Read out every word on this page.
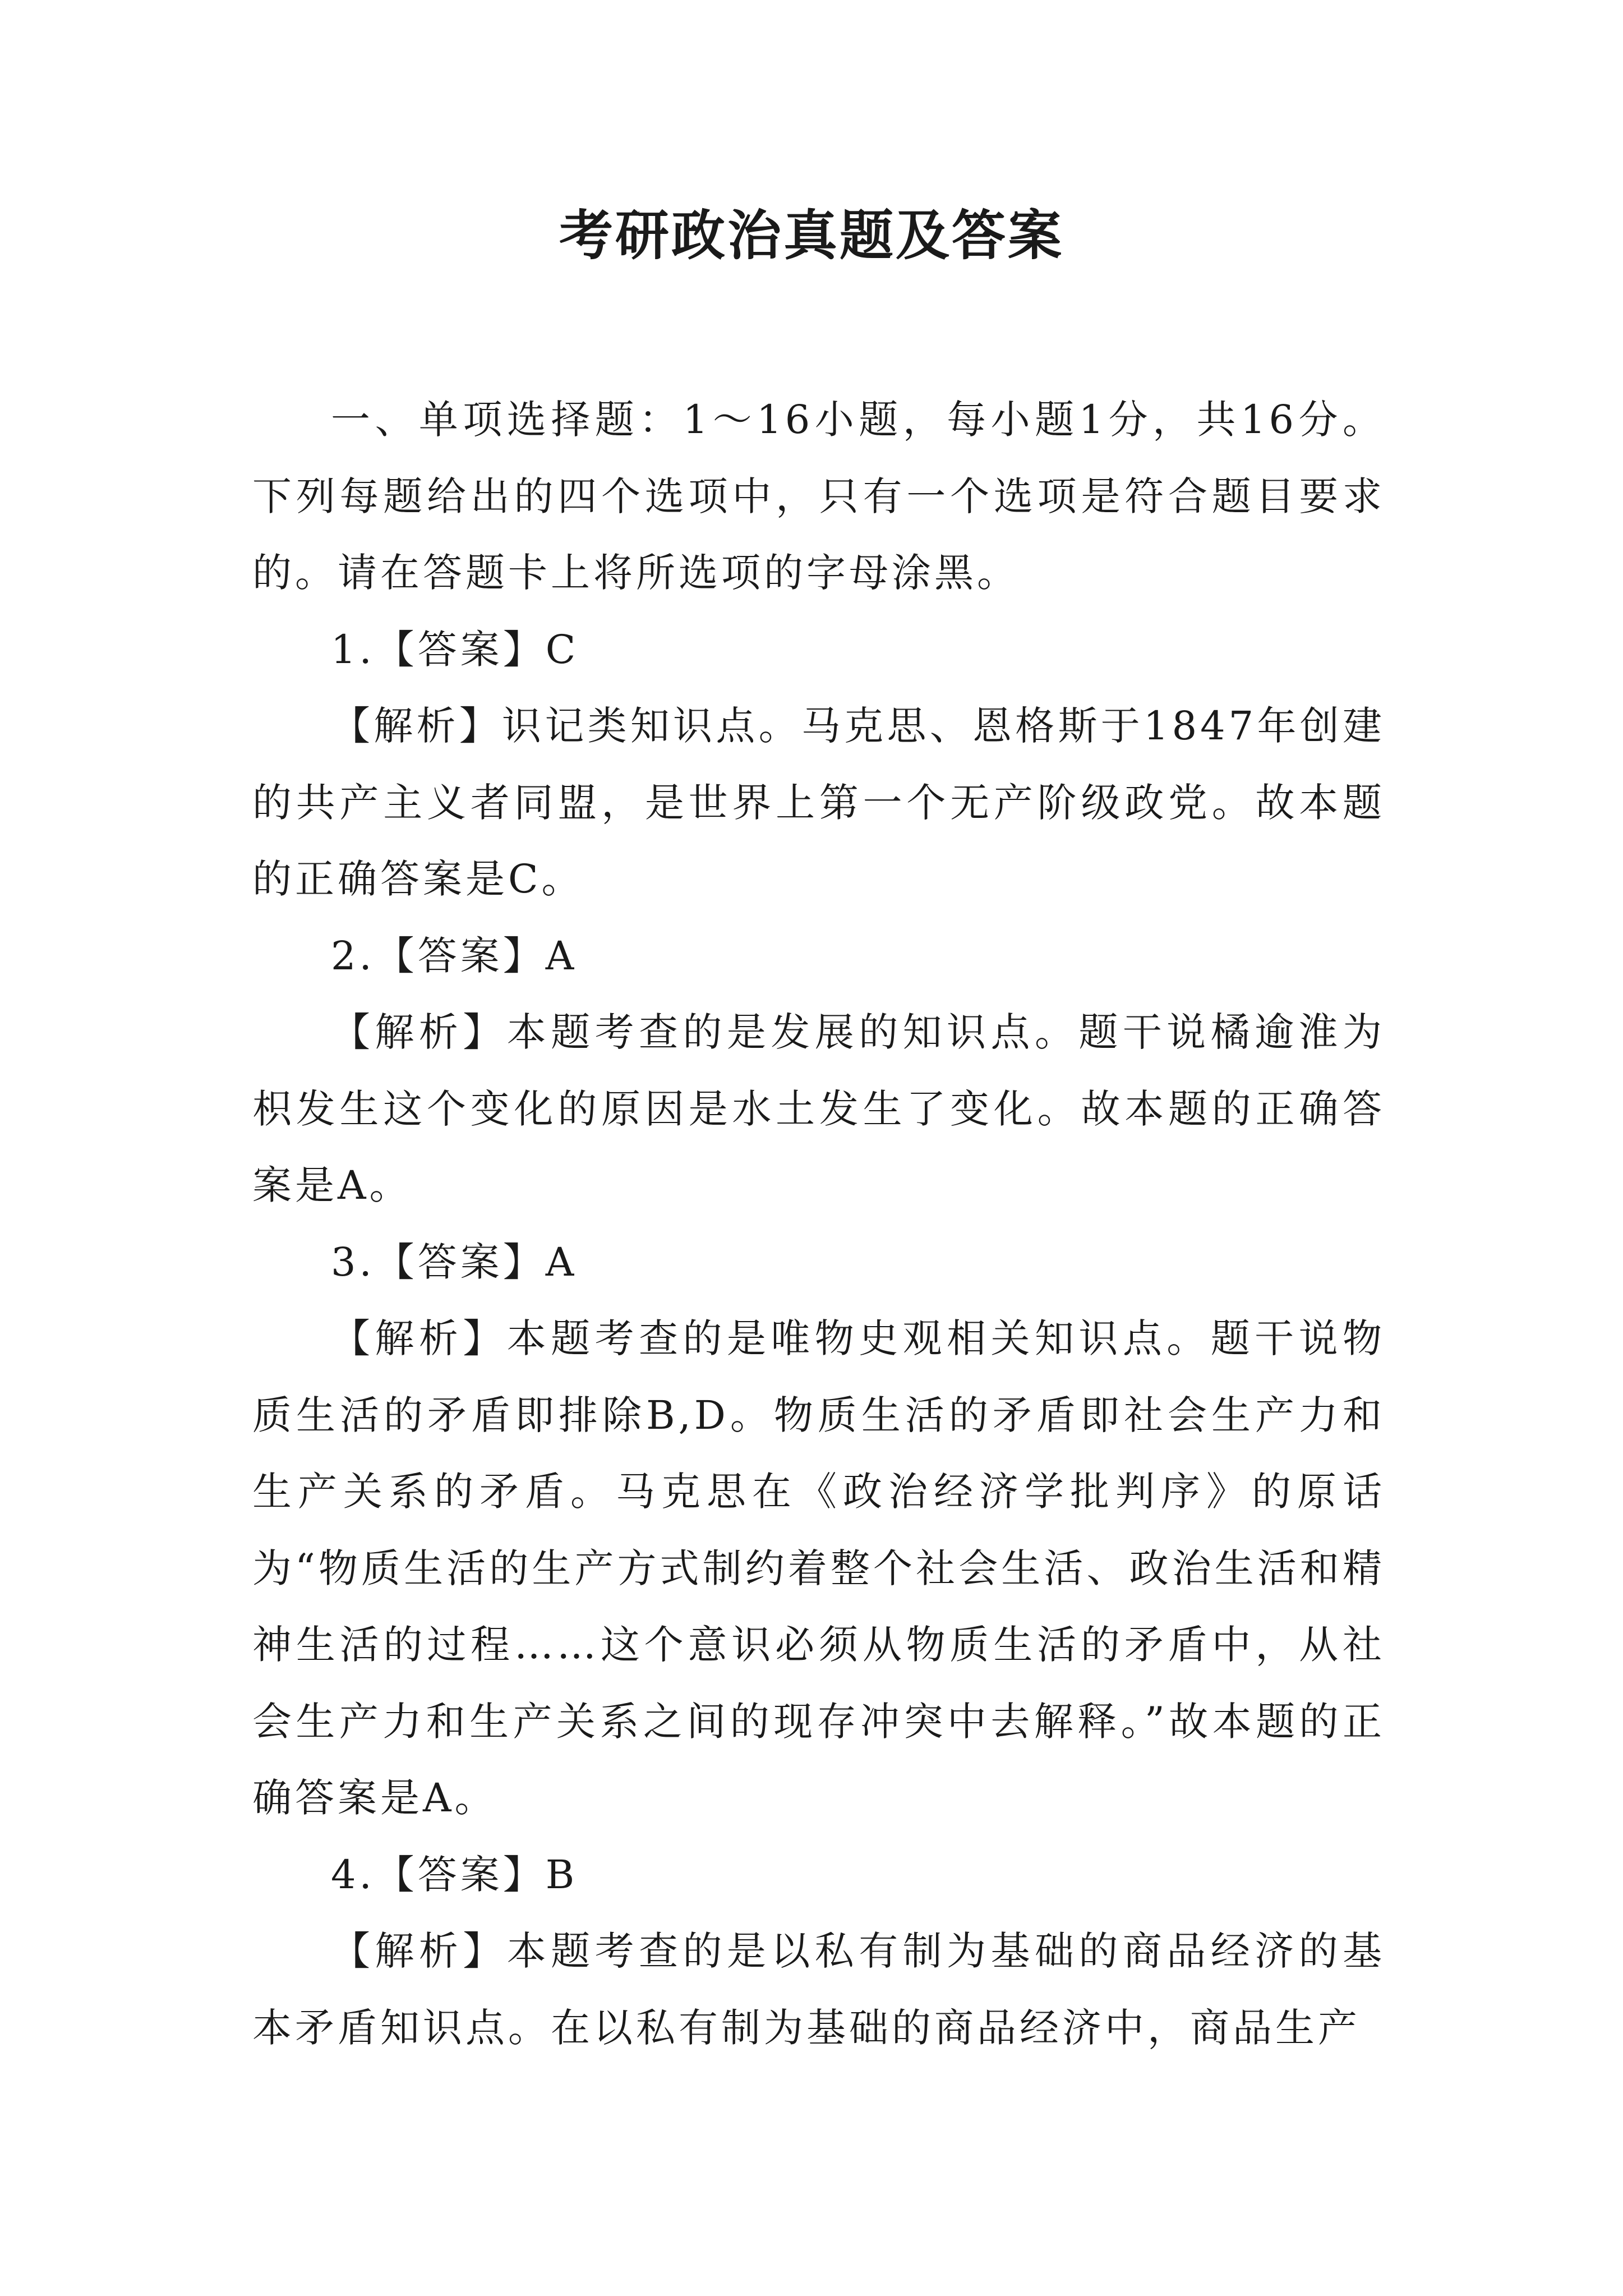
考研政治真题及答案

一、单项选择题：1～16小题，每小题1分，共16分。下列每题给出的四个选项中，只有一个选项是符合题目要求的。请在答题卡上将所选项的字母涂黑。

1.【答案】C

【解析】识记类知识点。马克思、恩格斯于1847年创建的共产主义者同盟，是世界上第一个无产阶级政党。故本题的正确答案是C。

2.【答案】A

【解析】本题考查的是发展的知识点。题干说橘逾淮为枳发生这个变化的原因是水土发生了变化。故本题的正确答案是A。

3.【答案】A

【解析】本题考查的是唯物史观相关知识点。题干说物质生活的矛盾即排除B,D。物质生活的矛盾即社会生产力和生产关系的矛盾。马克思在《政治经济学批判序》的原话为“物质生活的生产方式制约着整个社会生活、政治生活和精神生活的过程……这个意识必须从物质生活的矛盾中，从社会生产力和生产关系之间的现存冲突中去解释。”故本题的正确答案是A。

4.【答案】B

【解析】本题考查的是以私有制为基础的商品经济的基本矛盾知识点。在以私有制为基础的商品经济中，商品生产
